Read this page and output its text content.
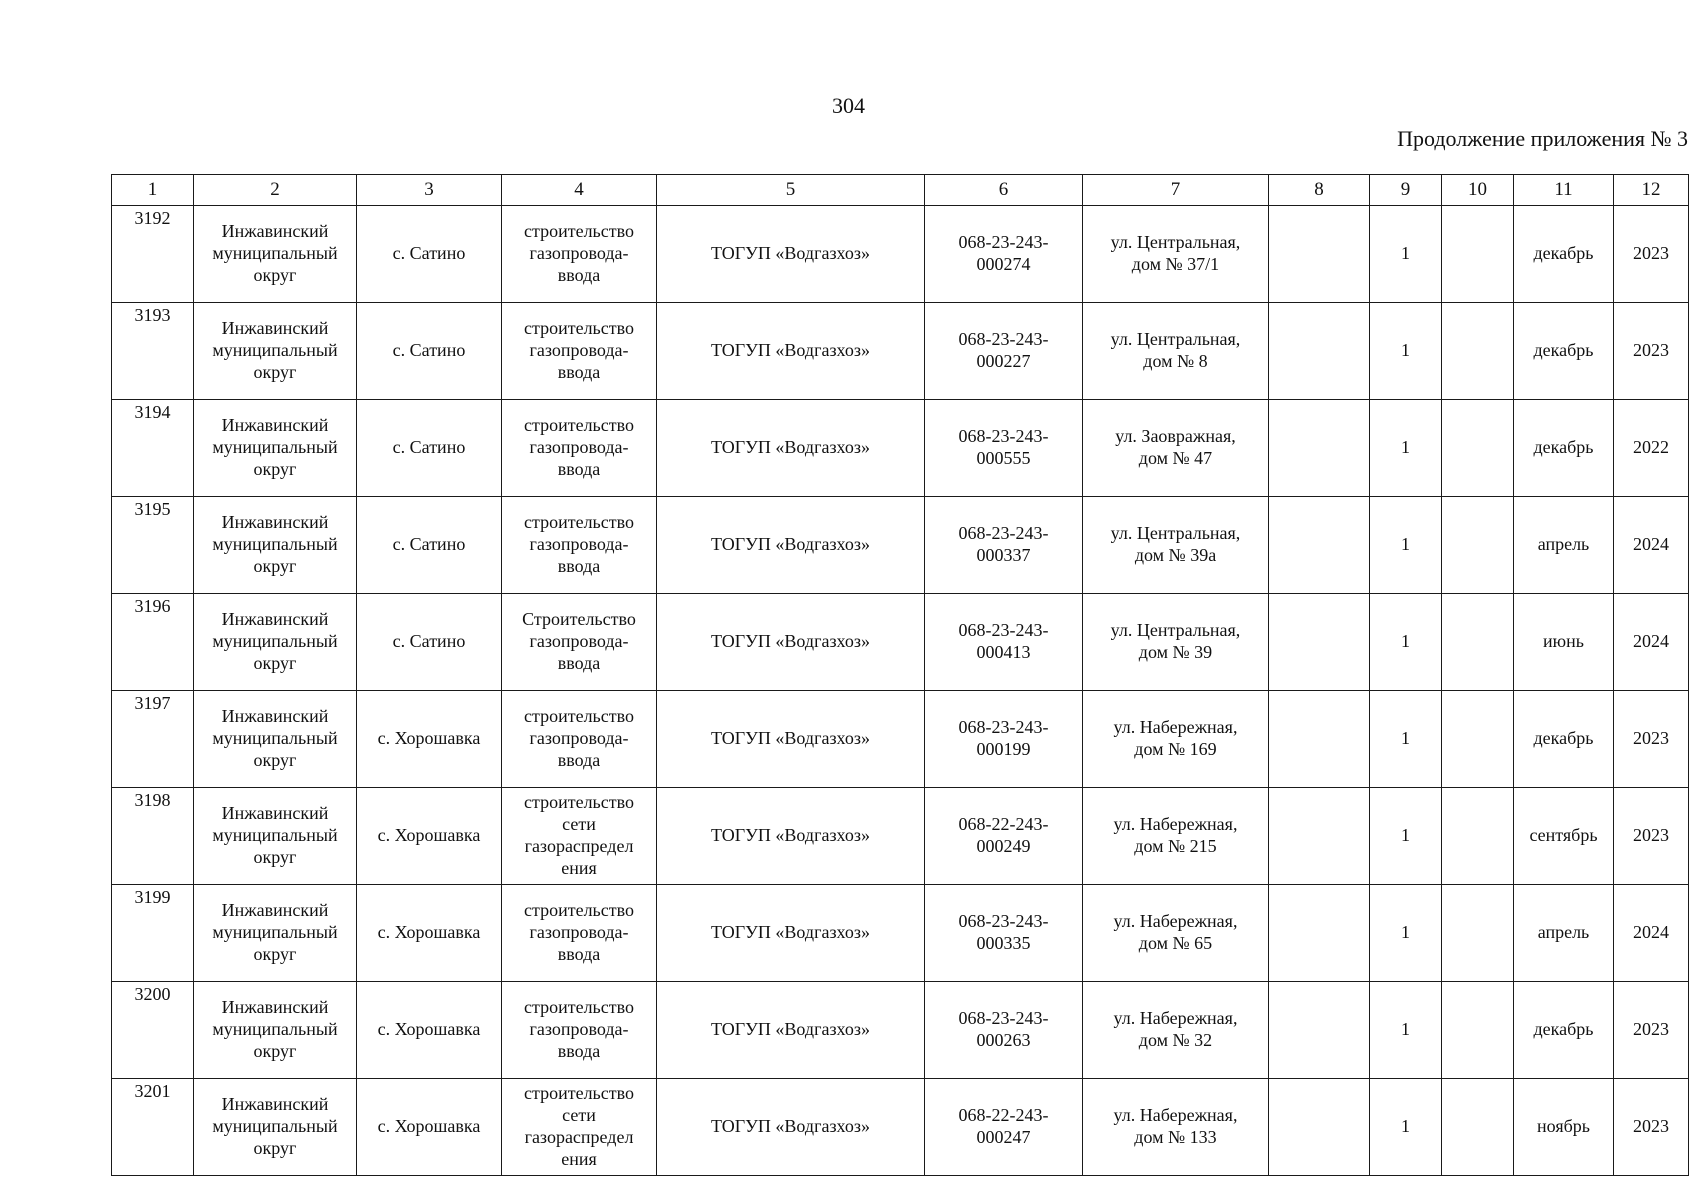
304
Продолжение приложения № 3
1	2	3	4	5	6	7	8	9	10	11	12
3192	Инжавинский
муниципальный
округ	с. Сатино	строительство
газопровода-
ввода	ТОГУП «Водгазхоз»	068-23-243-
000274	ул. Центральная,
дом № 37/1		1		декабрь	2023
3193	Инжавинский
муниципальный
округ	с. Сатино	строительство
газопровода-
ввода	ТОГУП «Водгазхоз»	068-23-243-
000227	ул. Центральная,
дом № 8		1		декабрь	2023
3194	Инжавинский
муниципальный
округ	с. Сатино	строительство
газопровода-
ввода	ТОГУП «Водгазхоз»	068-23-243-
000555	ул. Заовражная,
дом № 47		1		декабрь	2022
3195	Инжавинский
муниципальный
округ	с. Сатино	строительство
газопровода-
ввода	ТОГУП «Водгазхоз»	068-23-243-
000337	ул. Центральная,
дом № 39а		1		апрель	2024
3196	Инжавинский
муниципальный
округ	с. Сатино	Строительство
газопровода-
ввода	ТОГУП «Водгазхоз»	068-23-243-
000413	ул. Центральная,
дом № 39		1		июнь	2024
3197	Инжавинский
муниципальный
округ	с. Хорошавка	строительство
газопровода-
ввода	ТОГУП «Водгазхоз»	068-23-243-
000199	ул. Набережная,
дом № 169		1		декабрь	2023
3198	Инжавинский
муниципальный
округ	с. Хорошавка	строительство
сети
газораспредел
ения	ТОГУП «Водгазхоз»	068-22-243-
000249	ул. Набережная,
дом № 215		1		сентябрь	2023
3199	Инжавинский
муниципальный
округ	с. Хорошавка	строительство
газопровода-
ввода	ТОГУП «Водгазхоз»	068-23-243-
000335	ул. Набережная,
дом № 65		1		апрель	2024
3200	Инжавинский
муниципальный
округ	с. Хорошавка	строительство
газопровода-
ввода	ТОГУП «Водгазхоз»	068-23-243-
000263	ул. Набережная,
дом № 32		1		декабрь	2023
3201	Инжавинский
муниципальный
округ	с. Хорошавка	строительство
сети
газораспредел
ения	ТОГУП «Водгазхоз»	068-22-243-
000247	ул. Набережная,
дом № 133		1		ноябрь	2023
